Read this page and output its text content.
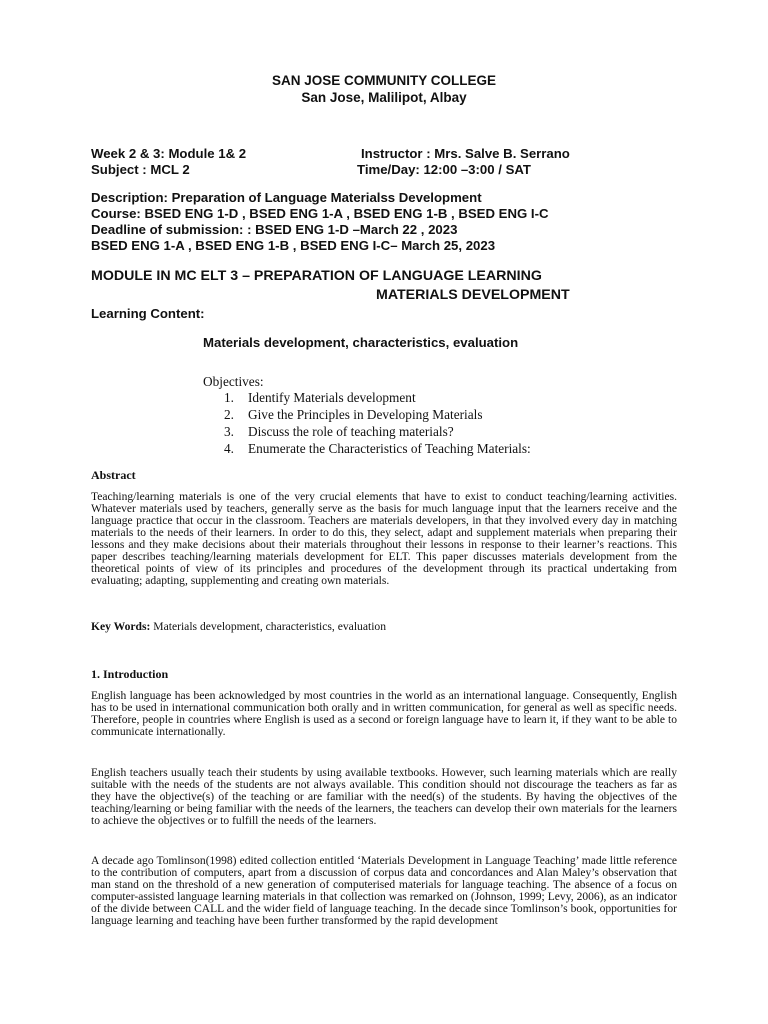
SAN JOSE COMMUNITY COLLEGE
San Jose, Malilipot, Albay
Week 2 & 3: Module 1& 2	Instructor : Mrs. Salve B. Serrano
Subject : MCL 2	Time/Day: 12:00 –3:00 / SAT
Description: Preparation of Language Materialss Development
Course: BSED ENG 1-D , BSED ENG 1-A , BSED ENG 1-B , BSED ENG I-C
Deadline of submission: : BSED ENG 1-D –March 22 , 2023
BSED ENG 1-A , BSED ENG 1-B , BSED ENG I-C– March 25, 2023
MODULE IN MC ELT 3 – PREPARATION OF LANGUAGE LEARNING
MATERIALS DEVELOPMENT
Learning Content:
Materials development, characteristics, evaluation
Objectives:
1. Identify Materials development
2. Give the Principles in Developing Materials
3. Discuss the role of teaching materials?
4. Enumerate the Characteristics of Teaching Materials:
Abstract
Teaching/learning materials is one of the very crucial elements that have to exist to conduct teaching/learning activities. Whatever materials used by teachers, generally serve as the basis for much language input that the learners receive and the language practice that occur in the classroom. Teachers are materials developers, in that they involved every day in matching materials to the needs of their learners. In order to do this, they select, adapt and supplement materials when preparing their lessons and they make decisions about their materials throughout their lessons in response to their learner’s reactions. This paper describes teaching/learning materials development for ELT. This paper discusses materials development from the theoretical points of view of its principles and procedures of the development through its practical undertaking from evaluating; adapting, supplementing and creating own materials.
Key Words: Materials development, characteristics, evaluation
1. Introduction
English language has been acknowledged by most countries in the world as an international language. Consequently, English has to be used in international communication both orally and in written communication, for general as well as specific needs. Therefore, people in countries where English is used as a second or foreign language have to learn it, if they want to be able to communicate internationally.
English teachers usually teach their students by using available textbooks. However, such learning materials which are really suitable with the needs of the students are not always available. This condition should not discourage the teachers as far as they have the objective(s) of the teaching or are familiar with the need(s) of the students. By having the objectives of the teaching/learning or being familiar with the needs of the learners, the teachers can develop their own materials for the learners to achieve the objectives or to fulfill the needs of the learners.
A decade ago Tomlinson(1998) edited collection entitled ‘Materials Development in Language Teaching’ made little reference to the contribution of computers, apart from a discussion of corpus data and concordances and Alan Maley’s observation that man stand on the threshold of a new generation of computerised materials for language teaching. The absence of a focus on computer-assisted language learning materials in that collection was remarked on (Johnson, 1999; Levy, 2006), as an indicator of the divide between CALL and the wider field of language teaching. In the decade since Tomlinson’s book, opportunities for language learning and teaching have been further transformed by the rapid development
